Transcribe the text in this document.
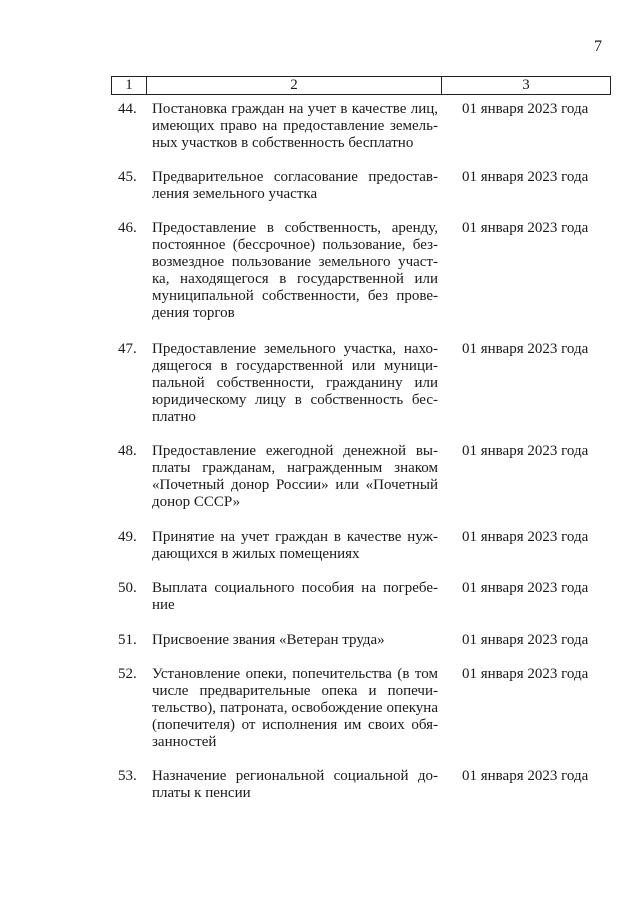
7
1	2	3
44. Постановка граждан на учет в качестве лиц,
имеющих право на предоставление земель-
ных участков в собственность бесплатно
01 января 2023 года
45. Предварительное согласование предостав-
ления земельного участка
01 января 2023 года
46. Предоставление в собственность, аренду,
постоянное (бессрочное) пользование, без-
возмездное пользование земельного участ-
ка, находящегося в государственной или
муниципальной собственности, без прове-
дения торгов
01 января 2023 года
47. Предоставление земельного участка, нахо-
дящегося в государственной или муници-
пальной собственности, гражданину или
юридическому лицу в собственность бес-
платно
01 января 2023 года
48. Предоставление ежегодной денежной вы-
платы гражданам, награжденным знаком
«Почетный донор России» или «Почетный
донор СССР»
01 января 2023 года
49. Принятие на учет граждан в качестве нуж-
дающихся в жилых помещениях
01 января 2023 года
50. Выплата социального пособия на погребе-
ние
01 января 2023 года
51. Присвоение звания «Ветеран труда»	01 января 2023 года
52. Установление опеки, попечительства (в том
числе предварительные опека и попечи-
тельство), патроната, освобождение опекуна
(попечителя) от исполнения им своих обя-
занностей
01 января 2023 года
53. Назначение региональной социальной до-
платы к пенсии
01 января 2023 года
